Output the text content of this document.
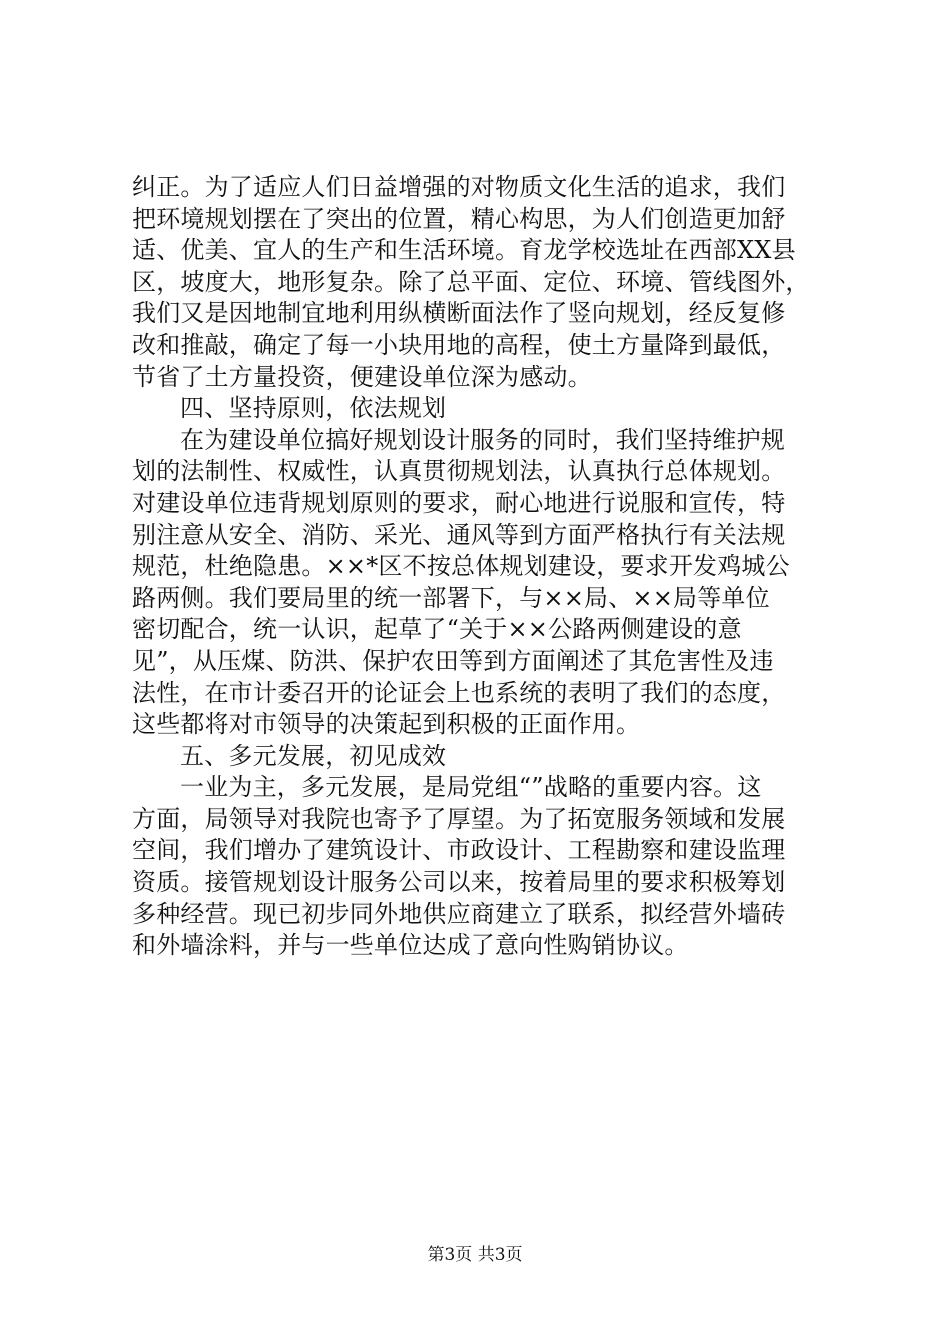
纠正。为了适应人们日益增强的对物质文化生活的追求，我们
把环境规划摆在了突出的位置，精心构思，为人们创造更加舒
适、优美、宜人的生产和生活环境。育龙学校选址在西部XX县
区，坡度大，地形复杂。除了总平面、定位、环境、管线图外，
我们又是因地制宜地利用纵横断面法作了竖向规划，经反复修
改和推敲，确定了每一小块用地的高程，使土方量降到最低，
节省了土方量投资，便建设单位深为感动。
四、坚持原则，依法规划
在为建设单位搞好规划设计服务的同时，我们坚持维护规
划的法制性、权威性，认真贯彻规划法，认真执行总体规划。
对建设单位违背规划原则的要求，耐心地进行说服和宣传，特
别注意从安全、消防、采光、通风等到方面严格执行有关法规
规范，杜绝隐患。××*区不按总体规划建设，要求开发鸡城公
路两侧。我们要局里的统一部署下，与××局、××局等单位
密切配合，统一认识，起草了“关于××公路两侧建设的意
见”，从压煤、防洪、保护农田等到方面阐述了其危害性及违
法性，在市计委召开的论证会上也系统的表明了我们的态度，
这些都将对市领导的决策起到积极的正面作用。
五、多元发展，初见成效
一业为主，多元发展，是局党组“”战略的重要内容。这
方面，局领导对我院也寄予了厚望。为了拓宽服务领域和发展
空间，我们增办了建筑设计、市政设计、工程勘察和建设监理
资质。接管规划设计服务公司以来，按着局里的要求积极筹划
多种经营。现已初步同外地供应商建立了联系，拟经营外墙砖
和外墙涂料，并与一些单位达成了意向性购销协议。
第3页 共3页
